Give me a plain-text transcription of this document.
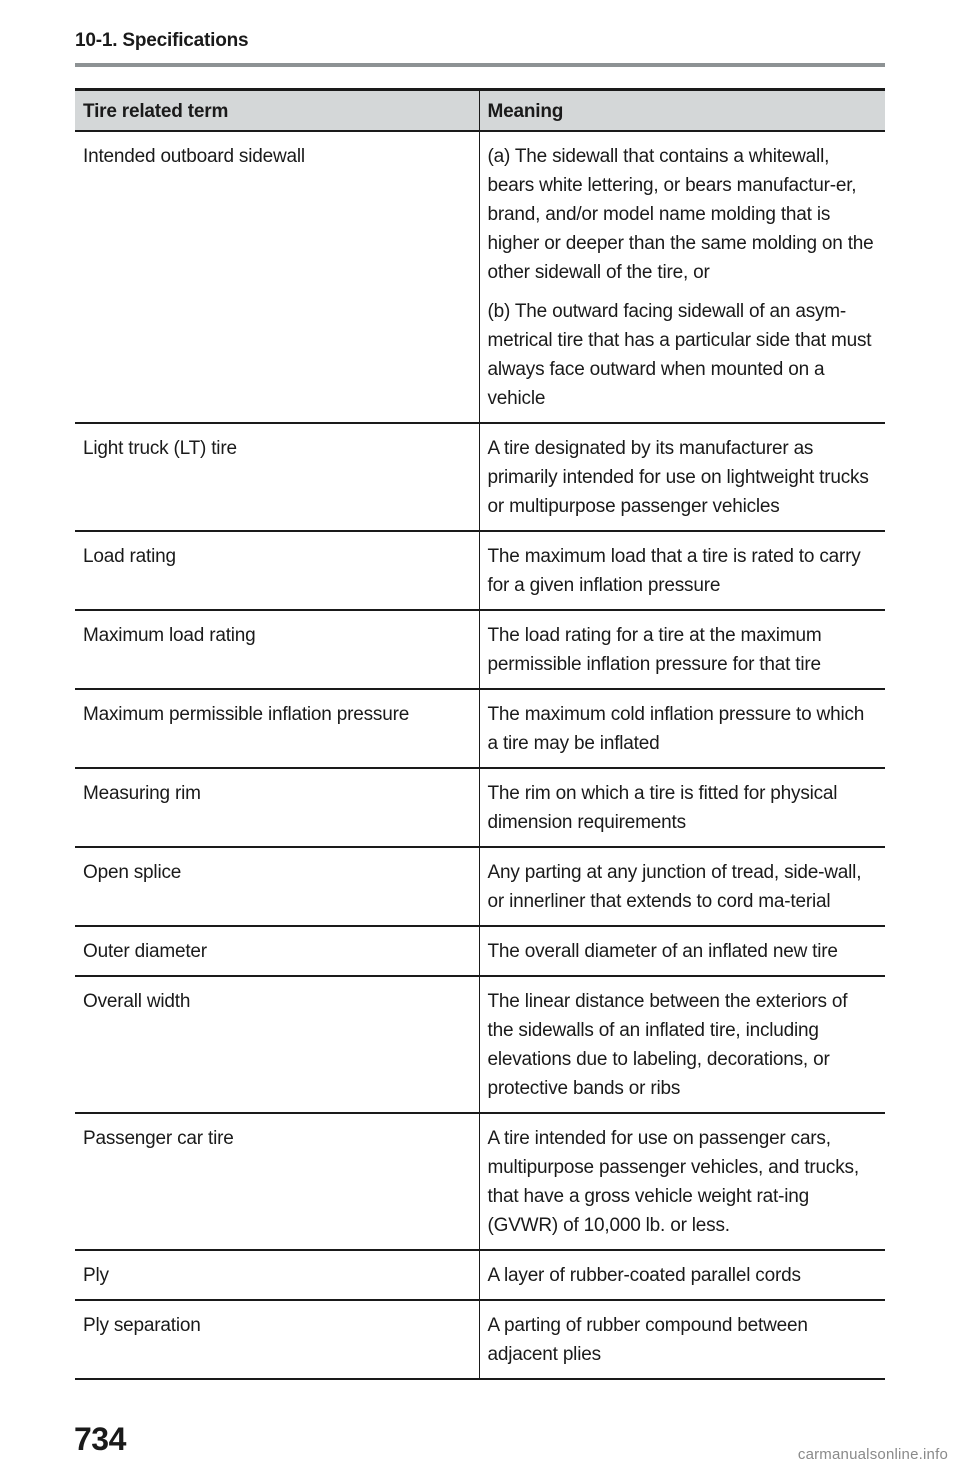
10-1. Specifications
Tire related term	Meaning
Intended outboard sidewall	(a) The sidewall that contains a whitewall, bears white lettering, or bears manufactur-er, brand, and/or model name molding that is higher or deeper than the same molding on the other sidewall of the tire, or

(b) The outward facing sidewall of an asym-metrical tire that has a particular side that must always face outward when mounted on a vehicle

Light truck (LT) tire	A tire designated by its manufacturer as primarily intended for use on lightweight trucks or multipurpose passenger vehicles

Load rating	The maximum load that a tire is rated to carry for a given inflation pressure

Maximum load rating	The load rating for a tire at the maximum permissible inflation pressure for that tire

Maximum permissible inflation pressure	The maximum cold inflation pressure to which a tire may be inflated

Measuring rim	The rim on which a tire is fitted for physical dimension requirements

Open splice	Any parting at any junction of tread, side-wall, or innerliner that extends to cord ma-terial

Outer diameter	The overall diameter of an inflated new tire

Overall width	The linear distance between the exteriors of the sidewalls of an inflated tire, including elevations due to labeling, decorations, or protective bands or ribs

Passenger car tire	A tire intended for use on passenger cars, multipurpose passenger vehicles, and trucks, that have a gross vehicle weight rat-ing (GVWR) of 10,000 lb. or less.

Ply	A layer of rubber-coated parallel cords

Ply separation	A parting of rubber compound between adjacent plies

734	carmanualsonline.info
